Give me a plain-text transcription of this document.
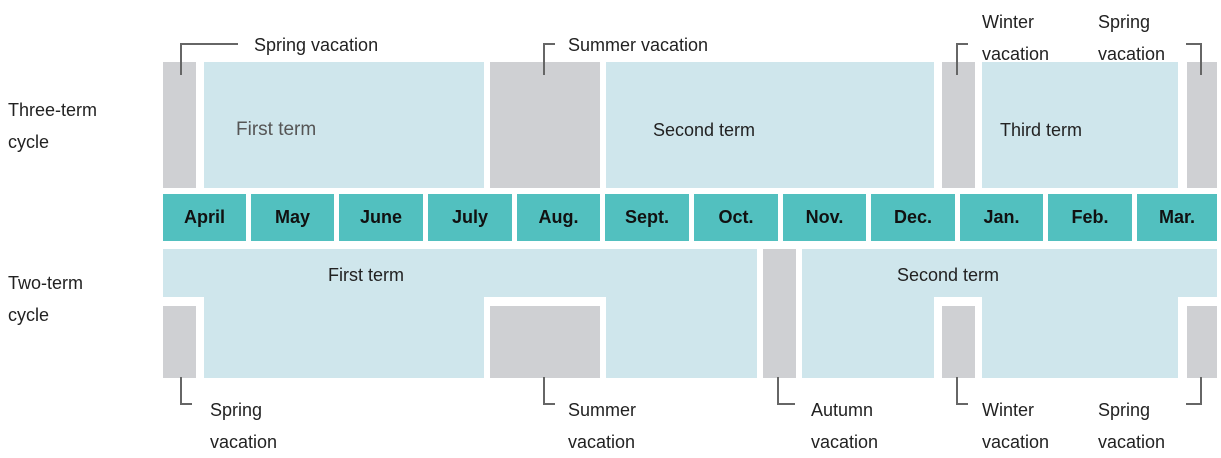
Three-term
cycle
Two-term
cycle
First term	Second term	Third term
Spring vacation	Summer vacation
Winter
vacation
Spring
vacation
April	May	June	July	Aug.	Sept.	Oct.	Nov.	Dec.	Jan.	Feb.	Mar.
First term	Second term
Spring
vacation
Summer
vacation
Autumn
vacation
Winter
vacation
Spring
vacation
